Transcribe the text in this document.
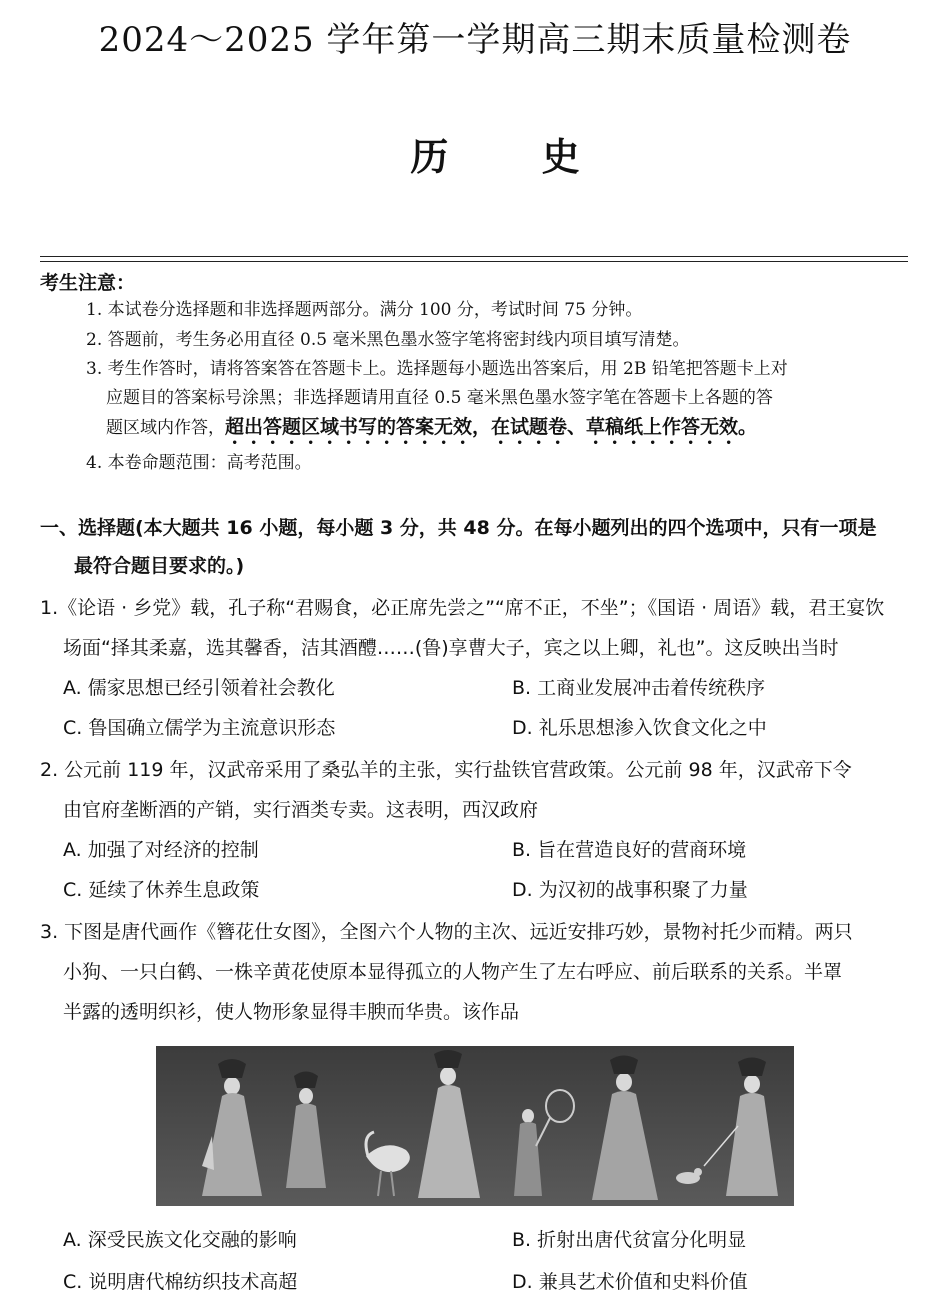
2024～2025 学年第一学期高三期末质量检测卷
历 史
考生注意：
1. 本试卷分选择题和非选择题两部分。满分 100 分，考试时间 75 分钟。
2. 答题前，考生务必用直径 0.5 毫米黑色墨水签字笔将密封线内项目填写清楚。
3. 考生作答时，请将答案答在答题卡上。选择题每小题选出答案后，用 2B 铅笔把答题卡上对
应题目的答案标号涂黑；非选择题请用直径 0.5 毫米黑色墨水签字笔在答题卡上各题的答
题区域内作答，超出答题区域书写的答案无效，在试题卷、草稿纸上作答无效。
4. 本卷命题范围：高考范围。
一、选择题(本大题共 16 小题，每小题 3 分，共 48 分。在每小题列出的四个选项中，只有一项是
最符合题目要求的。)
1.《论语 · 乡党》载，孔子称“君赐食，必正席先尝之”“席不正，不坐”；《国语 · 周语》载，君王宴饮
场面“择其柔嘉，选其馨香，洁其酒醴……(鲁)享曹大子，宾之以上卿，礼也”。这反映出当时
A. 儒家思想已经引领着社会教化	B. 工商业发展冲击着传统秩序
C. 鲁国确立儒学为主流意识形态	D. 礼乐思想渗入饮食文化之中
2. 公元前 119 年，汉武帝采用了桑弘羊的主张，实行盐铁官营政策。公元前 98 年，汉武帝下令
由官府垄断酒的产销，实行酒类专卖。这表明，西汉政府
A. 加强了对经济的控制	B. 旨在营造良好的营商环境
C. 延续了休养生息政策	D. 为汉初的战事积聚了力量
3. 下图是唐代画作《簪花仕女图》，全图六个人物的主次、远近安排巧妙，景物衬托少而精。两只
小狗、一只白鹤、一株辛黄花使原本显得孤立的人物产生了左右呼应、前后联系的关系。半罩
半露的透明织衫，使人物形象显得丰腴而华贵。该作品
A. 深受民族文化交融的影响	B. 折射出唐代贫富分化明显
C. 说明唐代棉纺织技术高超	D. 兼具艺术价值和史料价值
